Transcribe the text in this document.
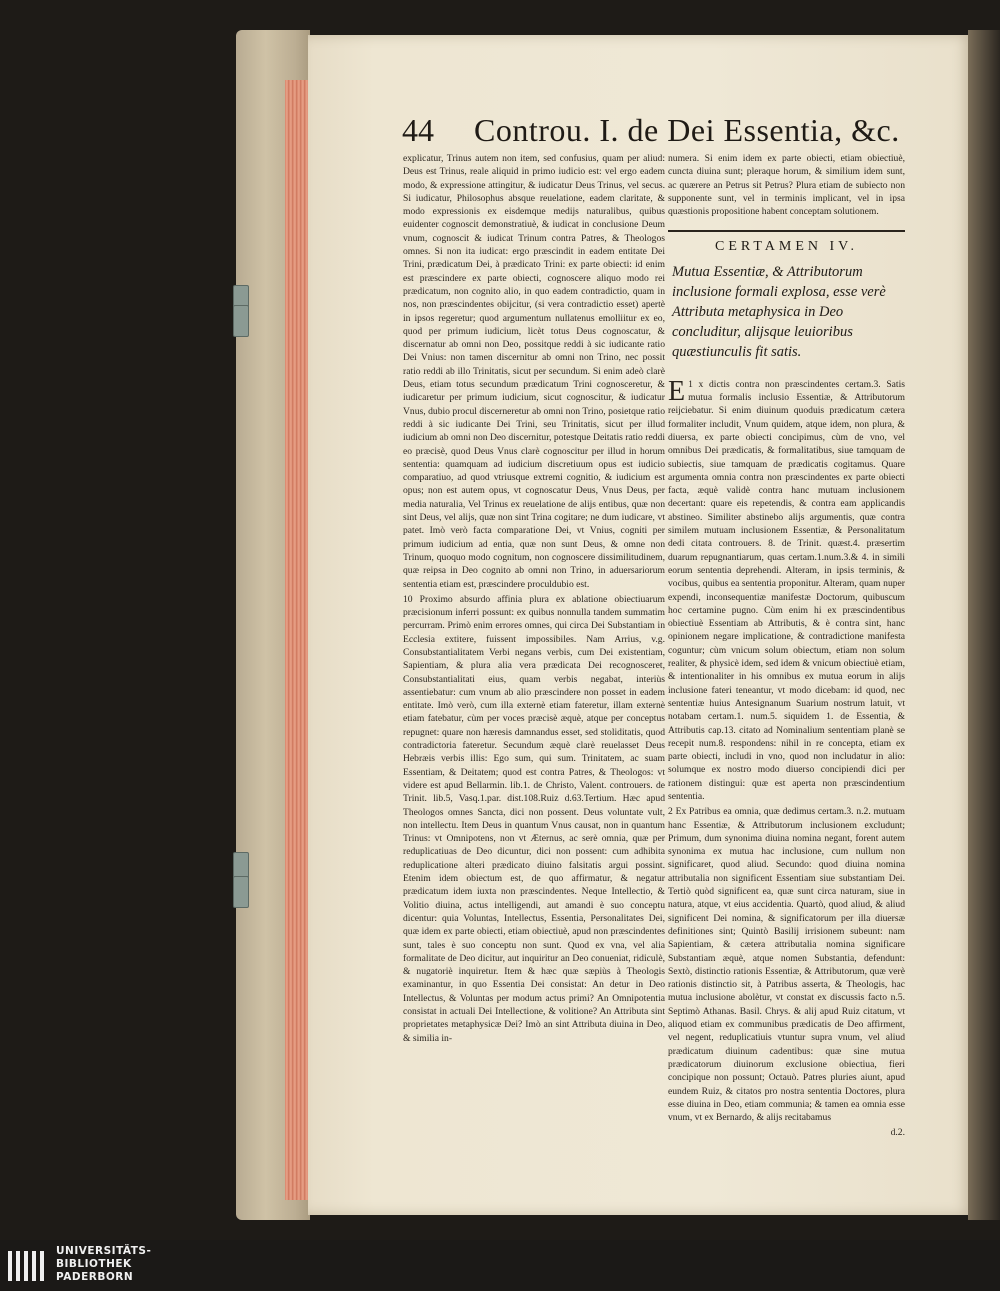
44 Controu. I. de Dei Essentia, &c.

explicatur, Trinus autem non item, sed confusius, quam per aliud: Deus est Trinus, reale aliquid in primo iudicio est: vel ergo eadem modo, & expressione attingitur, & iudicatur Deus Trinus, vel secus. Si iudicatur, Philosophus absque reuelatione, eadem claritate, & modo expressionis ex eisdemque medijs naturalibus, quibus euidenter cognoscit demonstratiuè, & iudicat in conclusione Deum vnum, cognoscit & iudicat Trinum contra Patres, & Theologos omnes. Si non ita iudicat: ergo præscindit in eadem entitate Dei Trini, prædicatum Dei, à prædicato Trini: ex parte obiecti: id enim est præscindere ex parte obiecti, cognoscere aliquo modo rei prædicatum, non cognito alio, in quo eadem contradictio, quam in nos, non præscindentes obijcitur, (si vera contradictio esset) apertè in ipsos regeretur; quod argumentum nullatenus emolliitur ex eo, quod per primum iudicium, licèt totus Deus cognoscatur, & discernatur ab omni non Deo, possitque reddi à sic iudicante ratio Dei Vnius: non tamen discernitur ab omni non Trino, nec possit ratio reddi ab illo Trinitatis, sicut per secundum. Si enim adeò clarè Deus, etiam totus secundum prædicatum Trini cognosceretur, & iudicaretur per primum iudicium, sicut cognoscitur, & iudicatur Vnus, dubio procul discerneretur ab omni non Trino, posietque ratio reddi à sic iudicante Dei Trini, seu Trinitatis, sicut per illud iudicium ab omni non Deo discernitur, potestque Deitatis ratio reddi eo præcisè, quod Deus Vnus clarè cognoscitur per illud in horum sententia: quamquam ad iudicium discretiuum opus est iudicio comparatiuo, ad quod vtriusque extremi cognitio, & iudicium est opus; non est autem opus, vt cognoscatur Deus, Vnus Deus, per media naturalia, Vel Trinus ex reuelatione de alijs entibus, quæ non sint Deus, vel alijs, quæ non sint Trina cogitare; ne dum iudicare, vt patet. Imò verò facta comparatione Dei, vt Vnius, cogniti per primum iudicium ad entia, quæ non sunt Deus, & omne non Trinum, quoquo modo cognitum, non cognoscere dissimilitudinem, quæ reipsa in Deo cognito ab omni non Trino, in aduersariorum sententia etiam est, præscindere proculdubio est.

10 Proximo absurdo affinia plura ex ablatione obiectiuarum præcisionum inferri possunt: ex quibus nonnulla tandem summatim percurram. Primò enim errores omnes, qui circa Dei Substantiam in Ecclesia extitere, fuissent impossibiles. Nam Arrius, v.g. Consubstantialitatem Verbi negans verbis, cum Dei existentiam, Sapientiam, & plura alia vera prædicata Dei recognosceret, Consubstantialitati eius, quam verbis negabat, interiùs assentiebatur: cum vnum ab alio præscindere non posset in eadem entitate. Imò verò, cum illa externè etiam fateretur, illam externè etiam fatebatur, cùm per voces præcisè æquè, atque per conceptus repugnet: quare non hæresis damnandus esset, sed stoliditatis, quod contradictoria fateretur. Secundum æquè clarè reuelasset Deus Hebræis verbis illis: Ego sum, qui sum. Trinitatem, ac suam Essentiam, & Deitatem; quod est contra Patres, & Theologos: vt videre est apud Bellarmin. lib.1. de Christo, Valent. controuers. de Trinit. lib.5, Vasq.1.par. dist.108.Ruiz d.63.Tertium. Hæc apud Theologos omnes Sancta, dici non possent. Deus voluntate vult, non intellectu. Item Deus in quantum Vnus causat, non in quantum Trinus: vt Omnipotens, non vt Æternus, ac serè omnia, quæ per reduplicatiuas de Deo dicuntur, dici non possent: cum adhibita reduplicatione alteri prædicato diuino falsitatis argui possint. Etenim idem obiectum est, de quo affirmatur, & negatur prædicatum idem iuxta non præscindentes. Neque Intellectio, & Volitio diuina, actus intelligendi, aut amandi è suo conceptu dicentur: quia Voluntas, Intellectus, Essentia, Personalitates Dei, quæ idem ex parte obiecti, etiam obiectiuè, apud non præscindentes sunt, tales è suo conceptu non sunt. Quod ex vna, vel alia formalitate de Deo dicitur, aut inquiritur an Deo conueniat, ridiculè, & nugatoriè inquiretur. Item & hæc quæ sæpiùs à Theologis examinantur, in quo Essentia Dei consistat: An detur in Deo Intellectus, & Voluntas per modum actus primi? An Omnipotentia consistat in actuali Dei Intellectione, & volitione? An Attributa sint proprietates metaphysicæ Dei? Imò an sint Attributa diuina in Deo, & similia in-

numera. Si enim idem ex parte obiecti, etiam obiectiuè, cuncta diuina sunt; pleraque horum, & similium idem sunt, ac quærere an Petrus sit Petrus? Plura etiam de subiecto non supponente sunt, vel in terminis implicant, vel in ipsa quæstionis propositione habent conceptam solutionem.

CERTAMEN IV.
Mutua Essentiæ, & Attributorum inclusione formali explosa, esse verè Attributa metaphysica in Deo concluditur, alijsque leuioribus quæstiunculis fit satis.

1
E x dictis contra non præscindentes certam.3. Satis mutua formalis inclusio Essentiæ, & Attributorum reijciebatur. Si enim diuinum quoduis prædicatum cætera formaliter includit, Vnum quidem, atque idem, non plura, & diuersa, ex parte obiecti concipimus, cùm de vno, vel omnibus Dei prædicatis, & formalitatibus, siue tamquam de subiectis, siue tamquam de prædicatis cogitamus. Quare argumenta omnia contra non præscindentes ex parte obiecti facta, æquè validè contra hanc mutuam inclusionem decertant: quare eis repetendis, & contra eam applicandis abstineo. Similiter abstinebo alijs argumentis, quæ contra similem mutuam inclusionem Essentiæ, & Personalitatum dedi citata controuers. 8. de Trinit. quæst.4. præsertim duarum repugnantiarum, quas certam.1.num.3.& 4. in simili eorum sententia deprehendi. Alteram, in ipsis terminis, & vocibus, quibus ea sententia proponitur. Alteram, quam nuper expendi, inconsequentiæ manifestæ Doctorum, quibuscum hoc certamine pugno. Cùm enim hi ex præscindentibus obiectiuè Essentiam ab Attributis, & è contra sint, hanc opinionem negare implicatione, & contradictione manifesta coguntur; cùm vnicum solum obiectum, etiam non solum realiter, & physicè idem, sed idem & vnicum obiectiuè etiam, & intentionaliter in his omnibus ex mutua eorum in alijs inclusione fateri teneantur, vt modo dicebam: id quod, nec sententiæ huius Antesignanum Suarium nostrum latuit, vt notabam certam.1. num.5. siquidem 1. de Essentia, & Attributis cap.13. citato ad Nominalium sententiam planè se recepit num.8. respondens: nihil in re concepta, etiam ex parte obiecti, includi in vno, quod non includatur in alio: solumque ex nostro modo diuerso concipiendi dici per rationem distingui: quæ est aperta non præscindentium sententia.

2 Ex Patribus ea omnia, quæ dedimus certam.3. n.2. mutuam hanc Essentiæ, & Attributorum inclusionem excludunt; Primum, dum synonima diuina nomina negant, forent autem synonima ex mutua hac inclusione, cum nullum non significaret, quod aliud. Secundo: quod diuina nomina attributalia non significent Essentiam siue substantiam Dei. Tertiò quòd significent ea, quæ sunt circa naturam, siue in natura, atque, vt eius accidentia. Quartò, quod aliud, & aliud significent Dei nomina, & significatorum per illa diuersæ definitiones sint; Quintò Basilij irrisionem subeunt: nam Sapientiam, & cætera attributalia nomina significare Substantiam æquè, atque nomen Substantia, defendunt: Sextò, distinctio rationis Essentiæ, & Attributorum, quæ verè rationis distinctio sit, à Patribus asserta, & Theologis, hac mutua inclusione abolètur, vt constat ex discussis facto n.5. Septimò Athanas. Basil. Chrys. & alij apud Ruiz citatum, vt aliquod etiam ex communibus prædicatis de Deo affirment, vel negent, reduplicatiuis vtuntur supra vnum, vel aliud prædicatum diuinum cadentibus: quæ sine mutua prædicatorum diuinorum exclusione obiectiua, fieri concipique non possunt; Octauò. Patres pluries aiunt, apud eundem Ruiz, & citatos pro nostra sententia Doctores, plura esse diuina in Deo, etiam communia; & tamen ea omnia esse vnum, vt ex Bernardo, & alijs recitabamus

d.2.
UNIVERSITÄTS-
BIBLIOTHEK
PADERBORN
